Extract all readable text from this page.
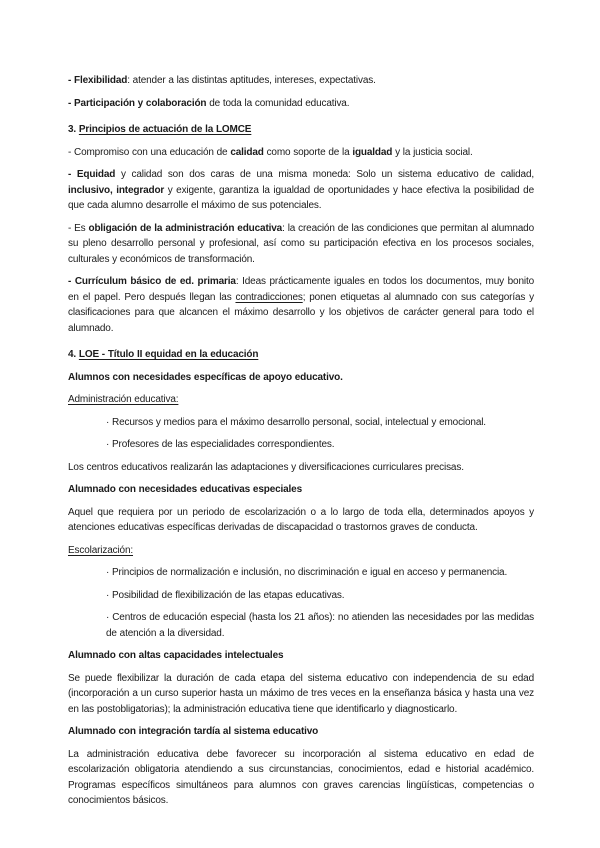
- Flexibilidad: atender a las distintas aptitudes, intereses, expectativas.

- Participación y colaboración de toda la comunidad educativa.

3. Principios de actuación de la LOMCE

- Compromiso con una educación de calidad como soporte de la igualdad y la justicia social.

- Equidad y calidad son dos caras de una misma moneda: Solo un sistema educativo de calidad, inclusivo, integrador y exigente, garantiza la igualdad de oportunidades y hace efectiva la posibilidad de que cada alumno desarrolle el máximo de sus potenciales.

- Es obligación de la administración educativa: la creación de las condiciones que permitan al alumnado su pleno desarrollo personal y profesional, así como su participación efectiva en los procesos sociales, culturales y económicos de transformación.

- Currículum básico de ed. primaria: Ideas prácticamente iguales en todos los documentos, muy bonito en el papel. Pero después llegan las contradicciones; ponen etiquetas al alumnado con sus categorías y clasificaciones para que alcancen el máximo desarrollo y los objetivos de carácter general para todo el alumnado.

4. LOE - Título II equidad en la educación

Alumnos con necesidades específicas de apoyo educativo.

Administración educativa:

· Recursos y medios para el máximo desarrollo personal, social, intelectual y emocional.

· Profesores de las especialidades correspondientes.

Los centros educativos realizarán las adaptaciones y diversificaciones curriculares precisas.

Alumnado con necesidades educativas especiales

Aquel que requiera por un periodo de escolarización o a lo largo de toda ella, determinados apoyos y atenciones educativas específicas derivadas de discapacidad o trastornos graves de conducta.

Escolarización:

· Principios de normalización e inclusión, no discriminación e igual en acceso y permanencia.

· Posibilidad de flexibilización de las etapas educativas.

· Centros de educación especial (hasta los 21 años): no atienden las necesidades por las medidas de atención a la diversidad.

Alumnado con altas capacidades intelectuales

Se puede flexibilizar la duración de cada etapa del sistema educativo con independencia de su edad (incorporación a un curso superior hasta un máximo de tres veces en la enseñanza básica y hasta una vez en las postobligatorias); la administración educativa tiene que identificarlo y diagnosticarlo.

Alumnado con integración tardía al sistema educativo

La administración educativa debe favorecer su incorporación al sistema educativo en edad de escolarización obligatoria atendiendo a sus circunstancias, conocimientos, edad e historial académico. Programas específicos simultáneos para alumnos con graves carencias lingüísticas, competencias o conocimientos básicos.
